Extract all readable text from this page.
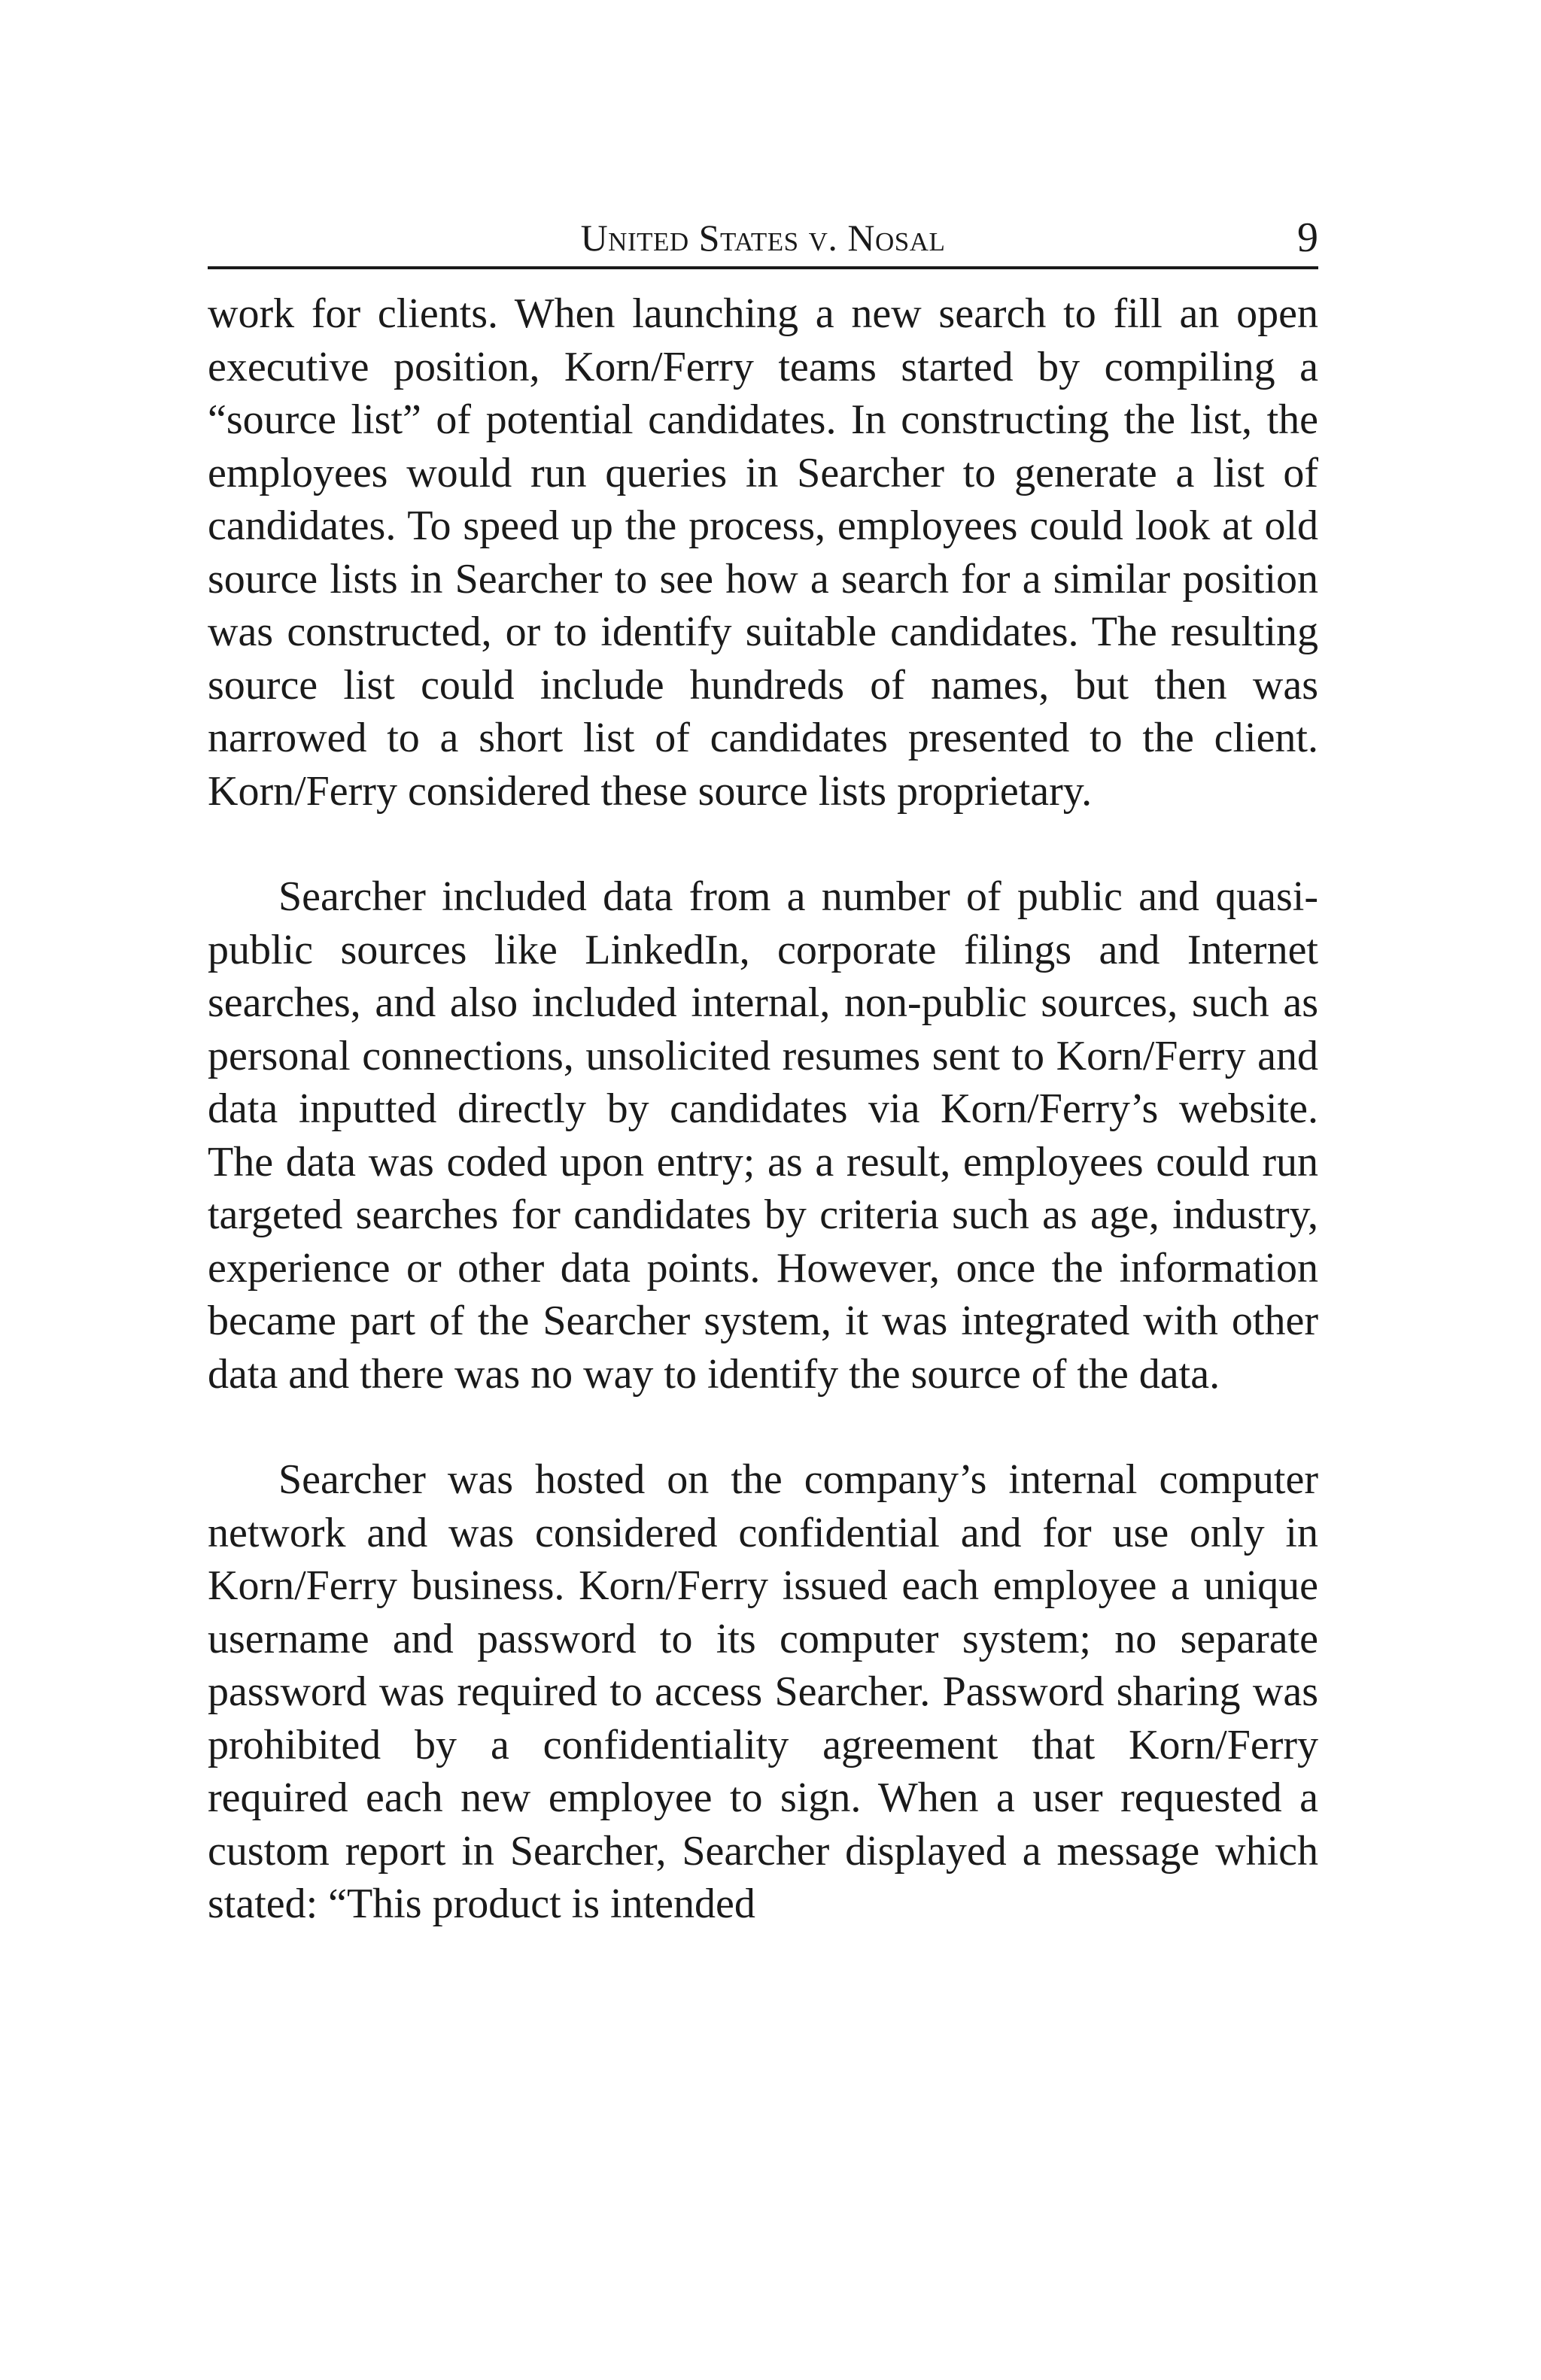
United States v. Nosal	9

work for clients. When launching a new search to fill an open executive position, Korn/Ferry teams started by compiling a “source list” of potential candidates. In constructing the list, the employees would run queries in Searcher to generate a list of candidates. To speed up the process, employees could look at old source lists in Searcher to see how a search for a similar position was constructed, or to identify suitable candidates. The resulting source list could include hundreds of names, but then was narrowed to a short list of candidates presented to the client. Korn/Ferry considered these source lists proprietary.

Searcher included data from a number of public and quasi-public sources like LinkedIn, corporate filings and Internet searches, and also included internal, non-public sources, such as personal connections, unsolicited resumes sent to Korn/Ferry and data inputted directly by candidates via Korn/Ferry’s website. The data was coded upon entry; as a result, employees could run targeted searches for candidates by criteria such as age, industry, experience or other data points. However, once the information became part of the Searcher system, it was integrated with other data and there was no way to identify the source of the data.

Searcher was hosted on the company’s internal computer network and was considered confidential and for use only in Korn/Ferry business. Korn/Ferry issued each employee a unique username and password to its computer system; no separate password was required to access Searcher. Password sharing was prohibited by a confidentiality agreement that Korn/Ferry required each new employee to sign. When a user requested a custom report in Searcher, Searcher displayed a message which stated: “This product is intended
